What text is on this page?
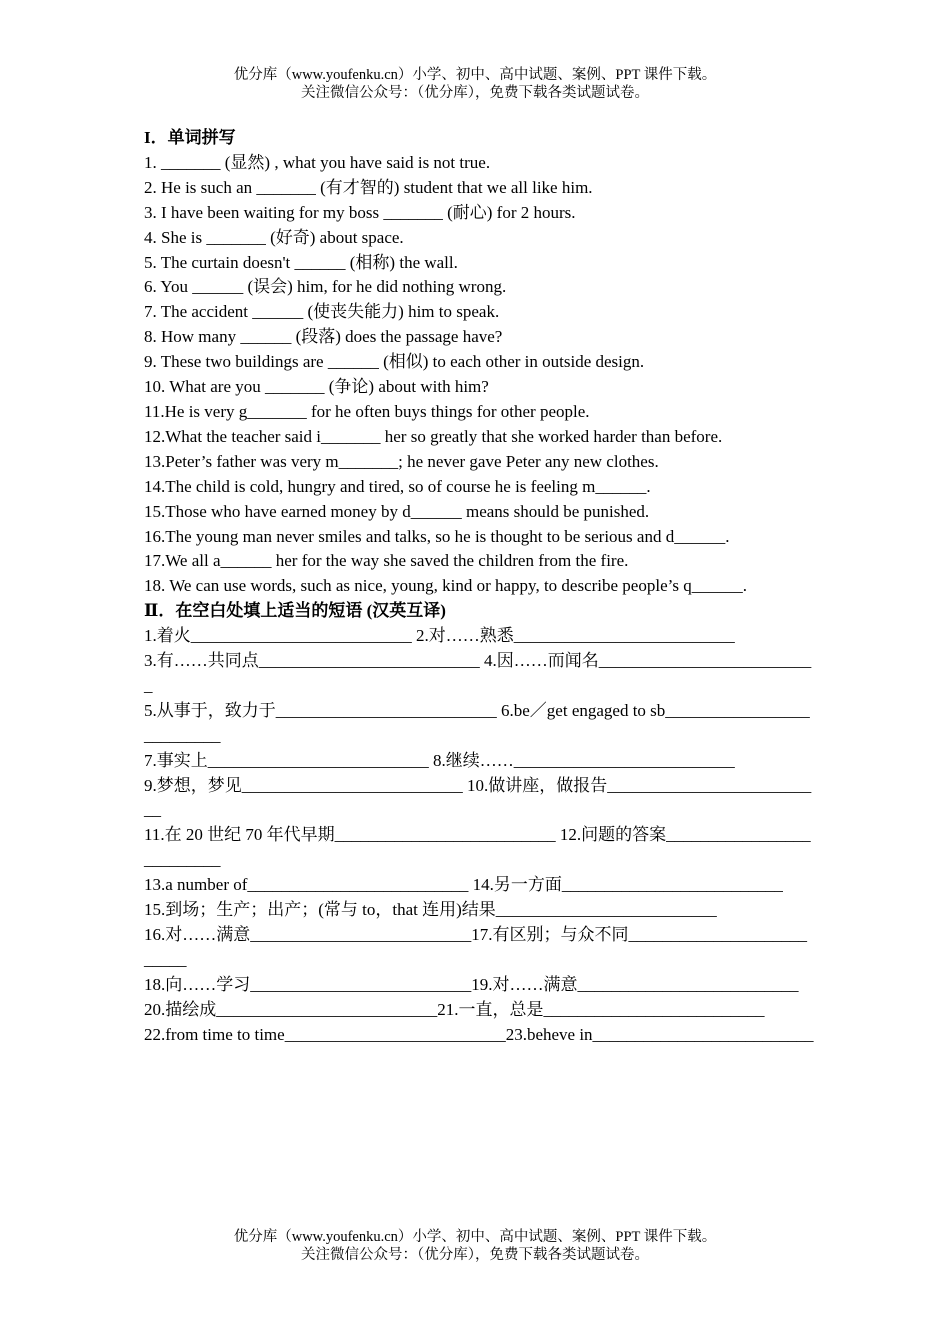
优分库（www.youfenku.cn）小学、初中、高中试题、案例、PPT 课件下载。
关注微信公众号：（优分库），免费下载各类试题试卷。
I．单词拼写
1. _______ (显然) , what you have said is not true.
2. He is such an _______ (有才智的) student that we all like him.
3. I have been waiting for my boss _______ (耐心) for 2 hours.
4. She is _______ (好奇) about space.
5. The curtain doesn't ______ (相称) the wall.
6. You ______ (误会) him, for he did nothing wrong.
7. The accident ______ (使丧失能力) him to speak.
8. How many ______ (段落) does the passage have?
9. These two buildings are ______ (相似) to each other in outside design.
10. What are you _______ (争论) about with him?
11.He is very g_______ for he often buys things for other people.
12.What the teacher said i_______ her so greatly that she worked harder than before.
13.Peter’s father was very m_______; he never gave Peter any new clothes.
14.The child is cold, hungry and tired, so of course he is feeling m______.
15.Those who have earned money by d______ means should be punished.
16.The young man never smiles and talks, so he is thought to be serious and d______.
17.We all a______ her for the way she saved the children from the fire.
18. We can use words, such as nice, young, kind or happy, to describe people’s q______.
Ⅱ．在空白处填上适当的短语 (汉英互译)
1.着火__________________________ 2.对……熟悉__________________________
3.有……共同点__________________________ 4.因……而闻名__________________________
5.从事于，致力于__________________________ 6.be／get engaged to sb__________________________
7.事实上__________________________ 8.继续……__________________________
9.梦想，梦见__________________________ 10.做讲座，做报告__________________________
11.在 20 世纪 70 年代早期__________________________ 12.问题的答案__________________________
13.a number of__________________________ 14.另一方面__________________________
15.到场；生产；出产；(常与 to，that 连用)结果__________________________
16.对……满意__________________________17.有区别；与众不同__________________________
18.向……学习__________________________19.对……满意__________________________
20.描绘成__________________________21.一直，总是__________________________
22.from time to time__________________________23.beheve in__________________________
优分库（www.youfenku.cn）小学、初中、高中试题、案例、PPT 课件下载。
关注微信公众号：（优分库），免费下载各类试题试卷。
